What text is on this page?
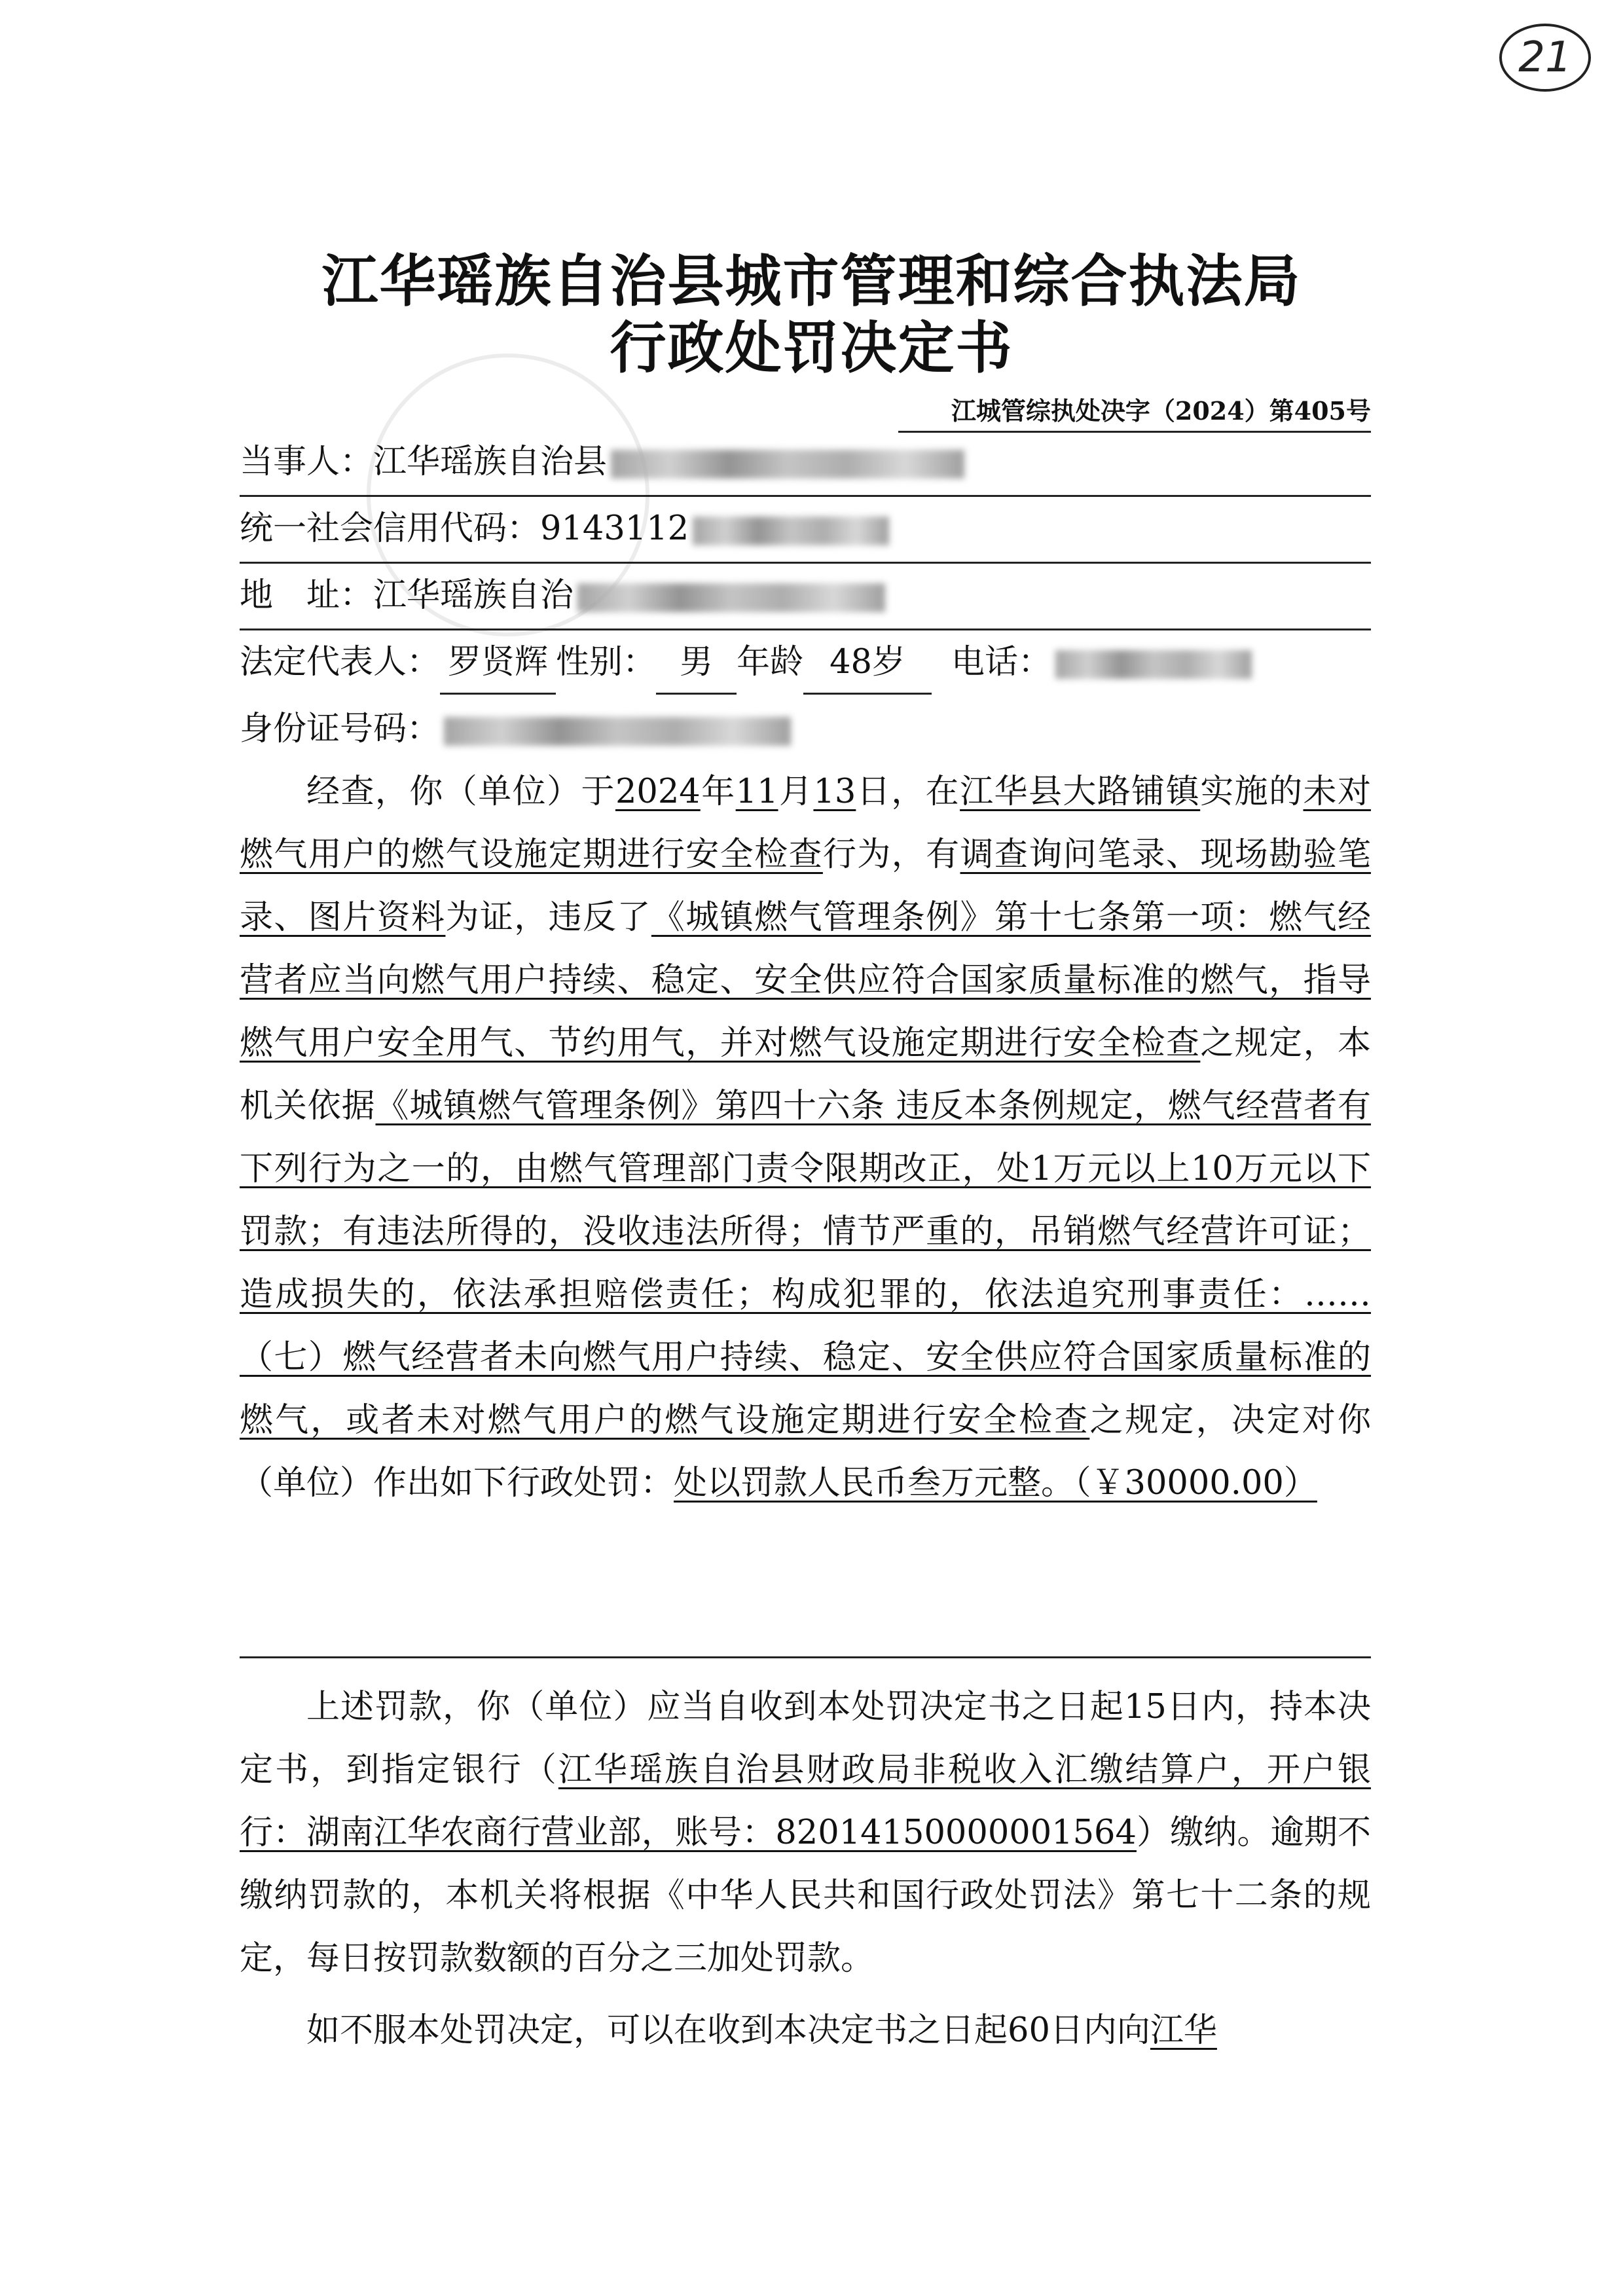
21
江华瑶族自治县城市管理和综合执法局
行政处罚决定书
江城管综执处决字（2024）第405号
当事人：江华瑶族自治县
统一社会信用代码：9143112
地　址：江华瑶族自治
法定代表人： 罗贤辉 性别： 男 年龄 48岁 电话：
身份证号码：
经查，你（单位）于2024年11月13日，在江华县大路铺镇实施的未对燃气用户的燃气设施定期进行安全检查行为，有调查询问笔录、现场勘验笔录、图片资料为证，违反了《城镇燃气管理条例》第十七条第一项：燃气经营者应当向燃气用户持续、稳定、安全供应符合国家质量标准的燃气，指导燃气用户安全用气、节约用气，并对燃气设施定期进行安全检查之规定，本机关依据《城镇燃气管理条例》第四十六条 违反本条例规定，燃气经营者有下列行为之一的，由燃气管理部门责令限期改正，处1万元以上10万元以下罚款；有违法所得的，没收违法所得；情节严重的，吊销燃气经营许可证；造成损失的，依法承担赔偿责任；构成犯罪的，依法追究刑事责任：……（七）燃气经营者未向燃气用户持续、稳定、安全供应符合国家质量标准的燃气，或者未对燃气用户的燃气设施定期进行安全检查之规定，决定对你（单位）作出如下行政处罚：处以罚款人民币叁万元整。（￥30000.00）
上述罚款，你（单位）应当自收到本处罚决定书之日起15日内，持本决定书，到指定银行（江华瑶族自治县财政局非税收入汇缴结算户，开户银行：湖南江华农商行营业部，账号：82014150000001564）缴纳。逾期不缴纳罚款的，本机关将根据《中华人民共和国行政处罚法》第七十二条的规定，每日按罚款数额的百分之三加处罚款。
如不服本处罚决定，可以在收到本决定书之日起60日内向江华
